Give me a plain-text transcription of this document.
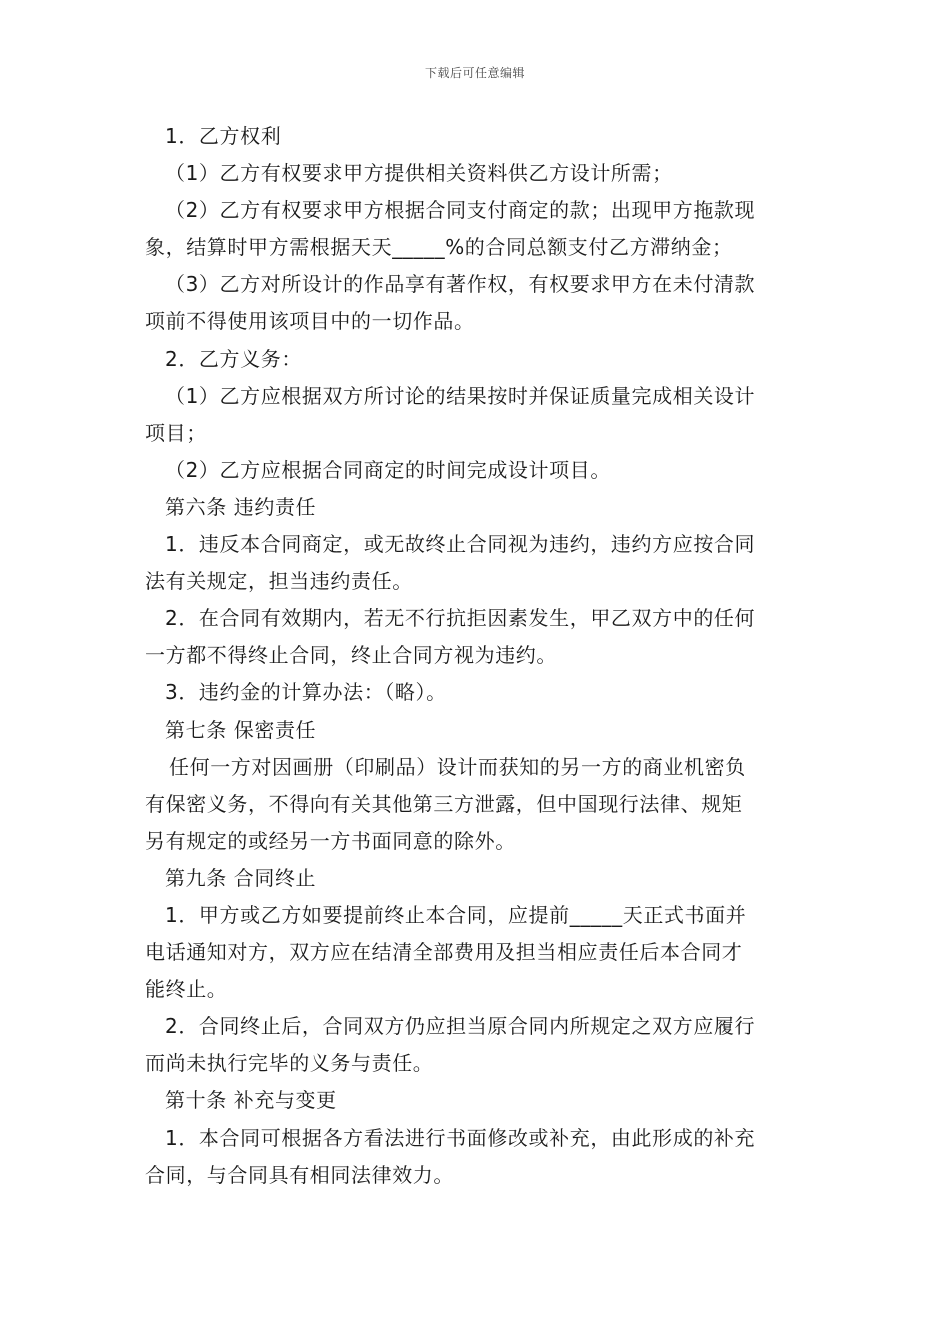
下载后可任意编辑
1．乙方权利
（1）乙方有权要求甲方提供相关资料供乙方设计所需；
（2）乙方有权要求甲方根据合同支付商定的款；出现甲方拖款现
象，结算时甲方需根据天天_____%的合同总额支付乙方滞纳金；
（3）乙方对所设计的作品享有著作权，有权要求甲方在未付清款
项前不得使用该项目中的一切作品。
2．乙方义务：
（1）乙方应根据双方所讨论的结果按时并保证质量完成相关设计
项目；
（2）乙方应根据合同商定的时间完成设计项目。
第六条 违约责任
1．违反本合同商定，或无故终止合同视为违约，违约方应按合同
法有关规定，担当违约责任。
2．在合同有效期内，若无不行抗拒因素发生，甲乙双方中的任何
一方都不得终止合同，终止合同方视为违约。
3．违约金的计算办法：（略）。
第七条 保密责任
任何一方对因画册（印刷品）设计而获知的另一方的商业机密负
有保密义务，不得向有关其他第三方泄露，但中国现行法律、规矩
另有规定的或经另一方书面同意的除外。
第九条 合同终止
1．甲方或乙方如要提前终止本合同，应提前_____天正式书面并
电话通知对方，双方应在结清全部费用及担当相应责任后本合同才
能终止。
2．合同终止后，合同双方仍应担当原合同内所规定之双方应履行
而尚未执行完毕的义务与责任。
第十条 补充与变更
1．本合同可根据各方看法进行书面修改或补充，由此形成的补充
合同，与合同具有相同法律效力。
